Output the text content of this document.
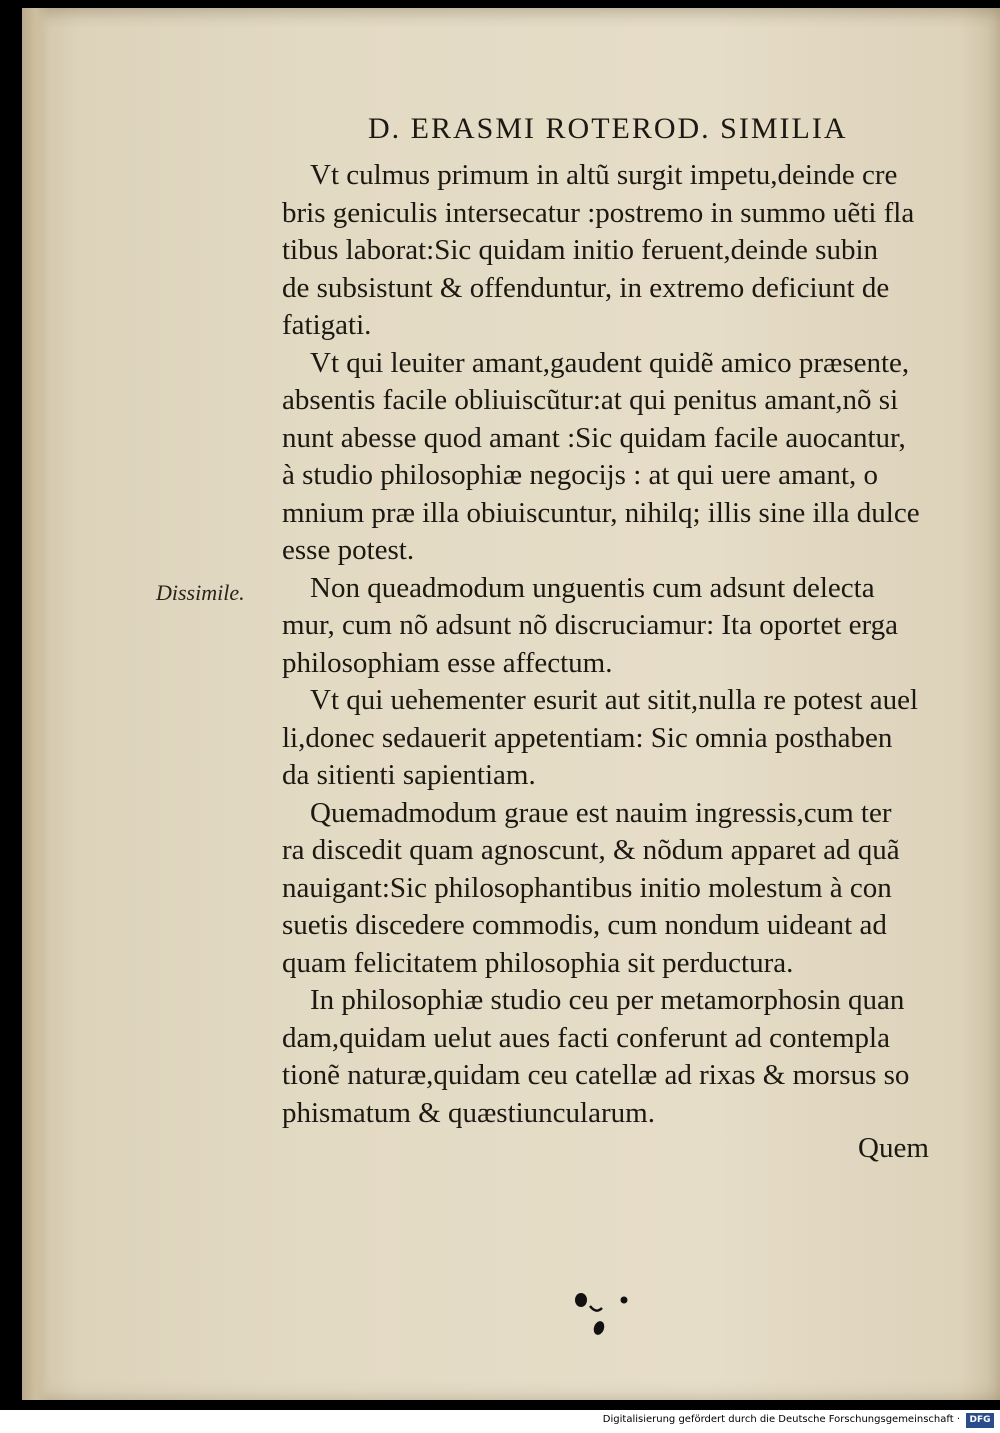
D. ERASMI ROTEROD. SIMILIA
Dissimile.
Vt culmus primum in altũ surgit impetu,deinde cre
bris geniculis intersecatur :postremo in summo uẽti fla
tibus laborat:Sic quidam initio feruent,deinde subin
de subsistunt & offenduntur, in extremo deficiunt de
fatigati.
Vt qui leuiter amant,gaudent quidẽ amico præsente,
absentis facile obliuiscũtur:at qui penitus amant,nõ si
nunt abesse quod amant :Sic quidam facile auocantur,
à studio philosophiæ negocijs : at qui uere amant, o
mnium præ illa obiuiscuntur, nihilq; illis sine illa dulce
esse potest.
Non queadmodum unguentis cum adsunt delecta
mur, cum nõ adsunt nõ discruciamur: Ita oportet erga
philosophiam esse affectum.
Vt qui uehementer esurit aut sitit,nulla re potest auel
li,donec sedauerit appetentiam: Sic omnia posthaben
da sitienti sapientiam.
Quemadmodum graue est nauim ingressis,cum ter
ra discedit quam agnoscunt, & nõdum apparet ad quã
nauigant:Sic philosophantibus initio molestum à con
suetis discedere commodis, cum nondum uideant ad
quam felicitatem philosophia sit perductura.
In philosophiæ studio ceu per metamorphosin quan
dam,quidam uelut aues facti conferunt ad contempla
tionẽ naturæ,quidam ceu catellæ ad rixas & morsus so
phismatum & quæstiuncularum.
Quem
Digitalisierung gefördert durch die Deutsche Forschungsgemeinschaft ·	DFG
